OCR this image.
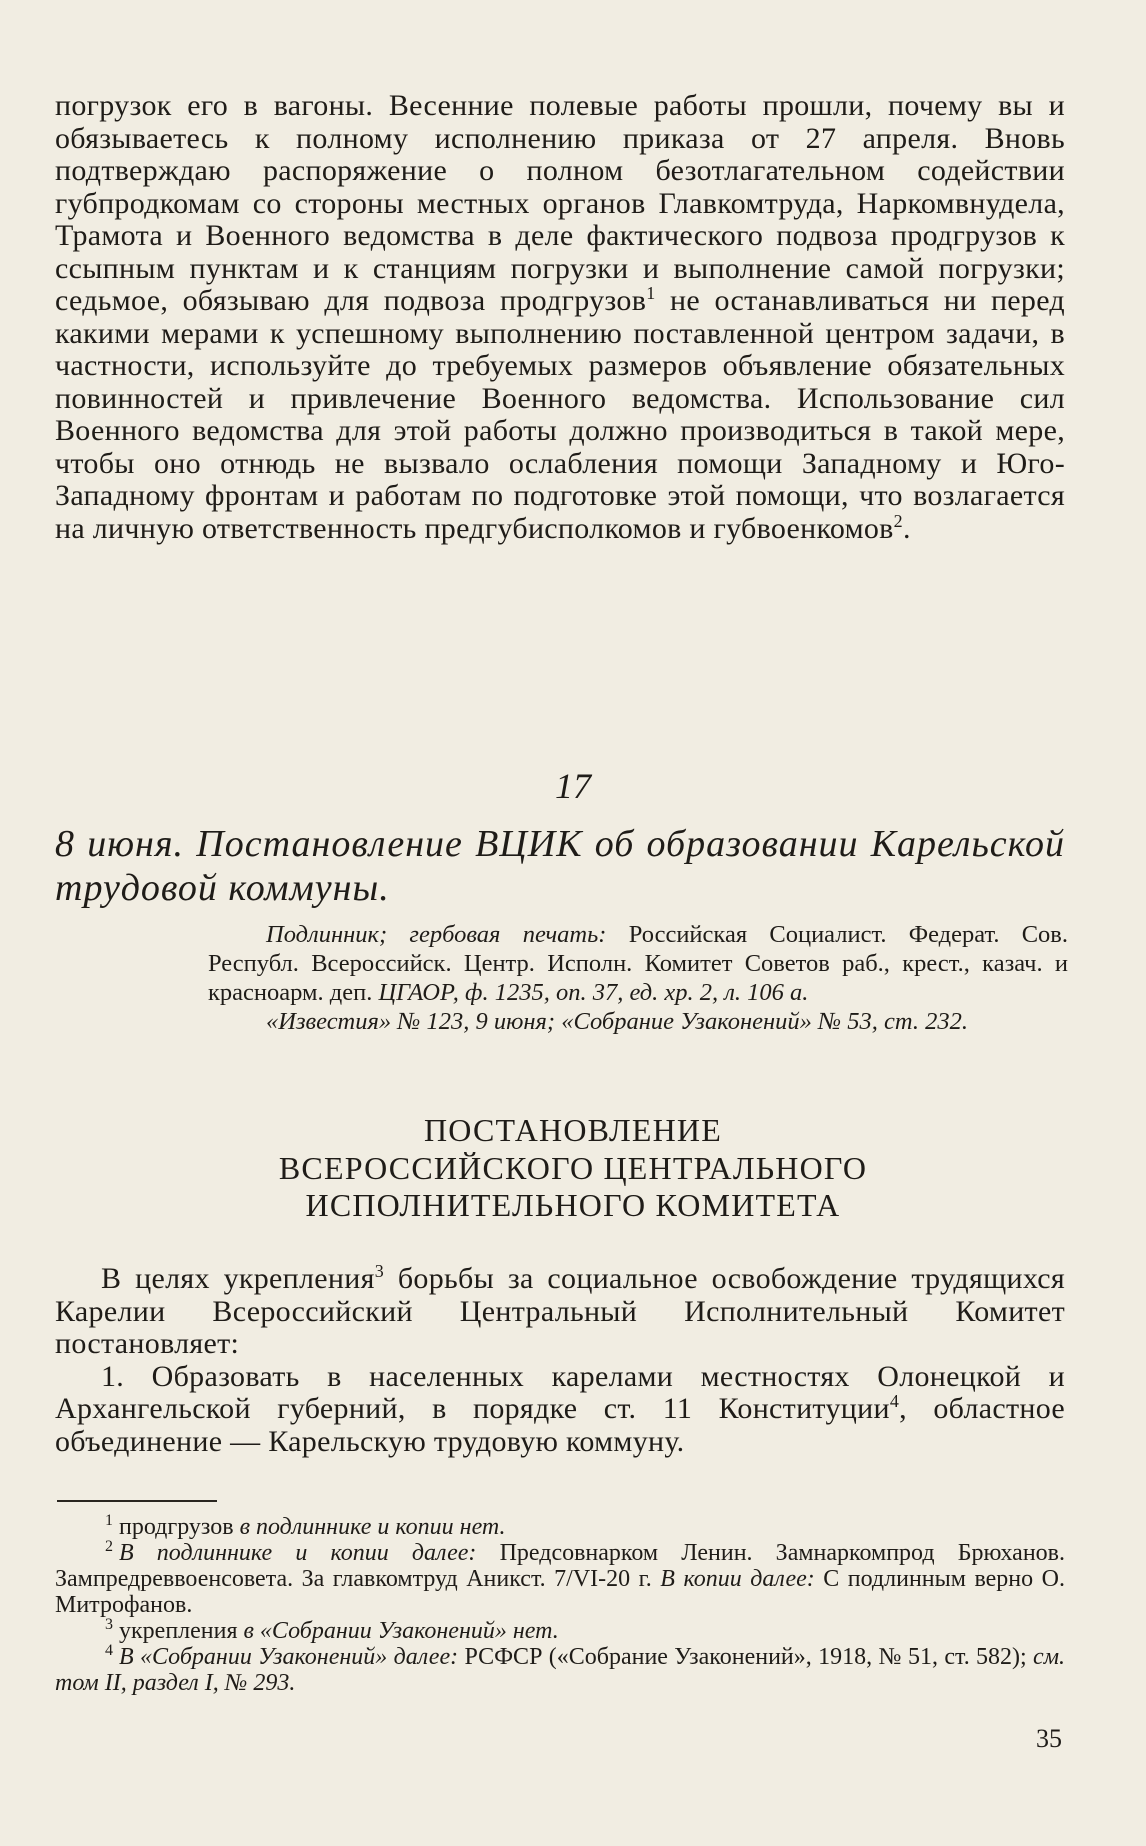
погрузок его в вагоны. Весенние полевые работы прошли, почему вы и обязываетесь к полному исполнению приказа от 27 апреля. Вновь подтверждаю распоряжение о полном безотлагательном содействии губпродкомам со стороны местных органов Главкомтруда, Наркомвнудела, Трамота и Военного ведомства в деле фактического подвоза продгрузов к ссыпным пунктам и к станциям погрузки и выполнение самой погрузки; седьмое, обязываю для подвоза продгрузов$^1$ не останавливаться ни перед какими мерами к успешному выполнению поставленной центром задачи, в частности, используйте до требуемых размеров объявление обязательных повинностей и привлечение Военного ведомства. Использование сил Военного ведомства для этой работы должно производиться в такой мере, чтобы оно отнюдь не вызвало ослабления помощи Западному и Юго-Западному фронтам и работам по подготовке этой помощи, что возлагается на личную ответственность предгубисполкомов и губвоенкомов$^2$.

17
8 июня. Постановление ВЦИК об образовании Карельской трудовой коммуны.

Подлинник; гербовая печать: Российская Социалист. Федерат. Сов. Республ. Всероссийск. Центр. Исполн. Комитет Советов раб., крест., казач. и красноарм. деп. ЦГАОР, ф. 1235, оп. 37, ед. хр. 2, л. 106 а.

«Известия» № 123, 9 июня; «Собрание Узаконений» № 53, ст. 232.

ПОСТАНОВЛЕНИЕ
ВСЕРОССИЙСКОГО ЦЕНТРАЛЬНОГО
ИСПОЛНИТЕЛЬНОГО КОМИТЕТА

В целях укрепления$^3$ борьбы за социальное освобождение трудящихся Карелии Всероссийский Центральный Исполнительный Комитет постановляет:

1. Образовать в населенных карелами местностях Олонецкой и Архангельской губерний, в порядке ст. 11 Конституции$^4$, областное объединение — Карельскую трудовую коммуну.

$^1$ продгрузов в подлиннике и копии нет.

$^2$ В подлиннике и копии далее: Предсовнарком Ленин. Замнаркомпрод Брюханов. Зампредреввоенсовета. За главкомтруд Аникст. 7/VI-20 г. В копии далее: С подлинным верно О. Митрофанов.

$^3$ укрепления в «Собрании Узаконений» нет.

$^4$ В «Собрании Узаконений» далее: РСФСР («Собрание Узаконений», 1918, № 51, ст. 582); см. том II, раздел I, № 293.

35
